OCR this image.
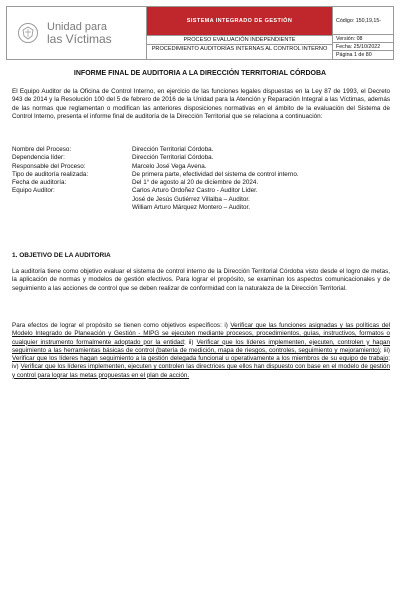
Unidad para
las Víctimas
SISTEMA INTEGRADO DE GESTIÓN
PROCESO EVALUACIÓN INDEPENDIENTE
PROCEDIMIENTO AUDITORÍAS INTERNAS AL CONTROL INTERNO
Código: 150,19,15-
Versión: 08
Fecha: 25/10/2022
Página 1 de 80
INFORME FINAL DE AUDITORIA A LA DIRECCIÓN TERRITORIAL CÓRDOBA

El Equipo Auditor de la Oficina de Control Interno, en ejercicio de las funciones legales dispuestas en la Ley 87 de 1993, el Decreto 943 de 2014 y la Resolución 100 del 5 de febrero de 2016 de la Unidad para la Atención y Reparación Integral a las Víctimas, además de las normas que reglamentan o modifican las anteriores disposiciones normativas en el ámbito de la evaluación del Sistema de Control Interno, presenta el informe final de auditoría de la Dirección Territorial que se relaciona a continuación:

Nombre del Proceso:	Dirección Territorial Córdoba.
Dependencia líder:	Dirección Territorial Córdoba.
Responsable del Proceso:	Marcelo José Vega Avena.
Tipo de auditoría realizada:	De primera parte, efectividad del sistema de control interno.
Fecha de auditoría:	Del 1° de agosto al 20 de diciembre de 2024.
Equipo Auditor:	Carlos Arturo Ordoñez Castro - Auditor Líder.
José de Jesús Gutiérrez Villalba – Auditor.
William Arturo Márquez Montero – Auditor.
1. OBJETIVO DE LA AUDITORIA

La auditoría tiene como objetivo evaluar el sistema de control interno de la Dirección Territorial Córdoba visto desde el logro de metas, la aplicación de normas y modelos de gestión efectivos. Para lograr el propósito, se examinan los aspectos comunicacionales y de seguimiento a las acciones de control que se deben realizar de conformidad con la naturaleza de la Dirección Territorial.

Para efectos de lograr el propósito se tienen como objetivos específicos: i) Verificar que las funciones asignadas y las políticas del Modelo Integrado de Planeación y Gestión - MIPG se ejecuten mediante procesos, procedimientos, guías, instructivos, formatos o cualquier instrumento formalmente adoptado por la entidad; ii) Verificar que los líderes implementen, ejecuten, controlen y hagan seguimiento a las herramientas básicas de control (batería de medición, mapa de riesgos, controles, seguimiento y mejoramiento); iii) Verificar que los líderes hagan seguimiento a la gestión delegada funcional u operativamente a los miembros de su equipo de trabajo; iv) Verificar que los líderes implementen, ejecuten y controlen las directrices que ellos han dispuesto con base en el modelo de gestión y control para lograr las metas propuestas en el plan de acción.
